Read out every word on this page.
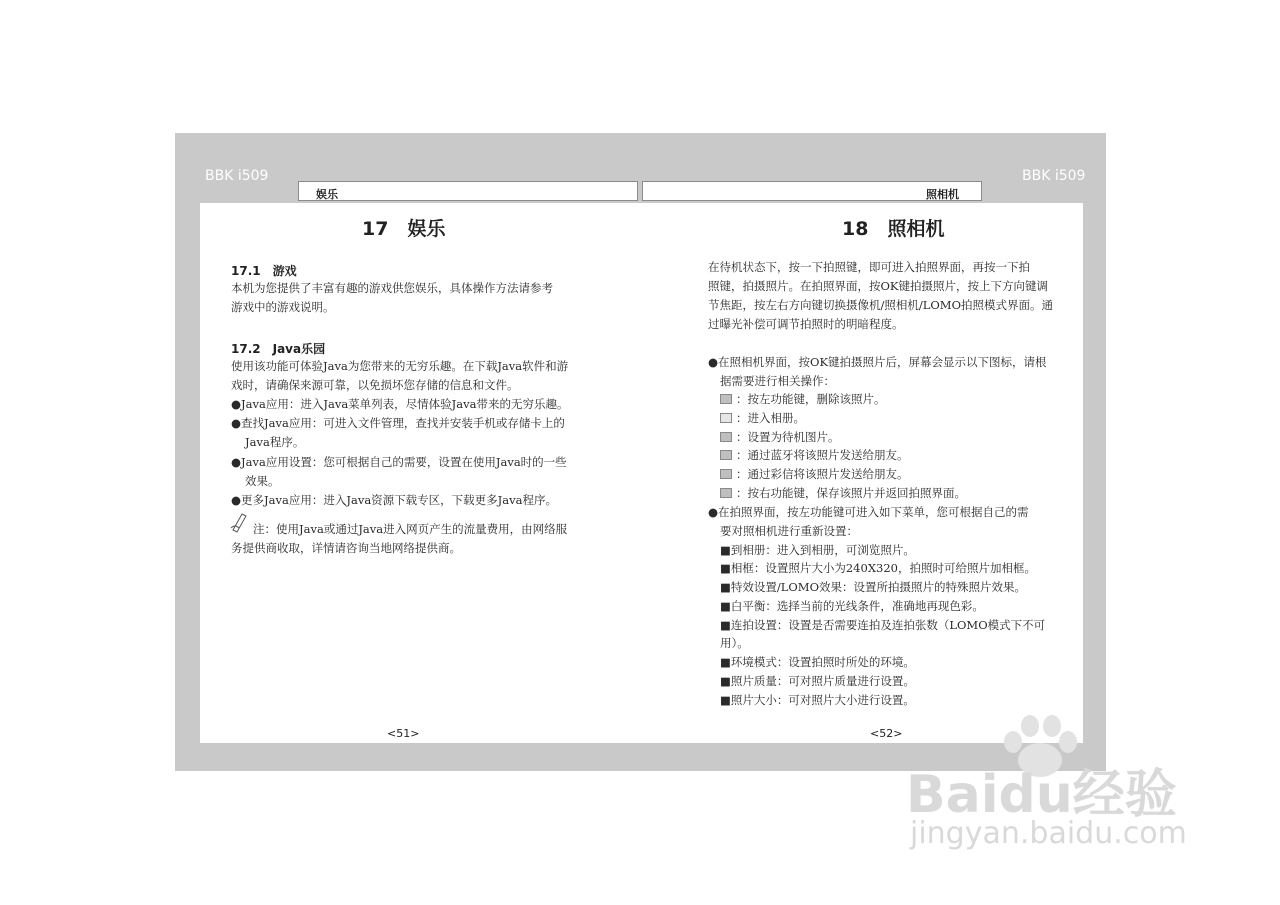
BBK i509	BBK i509
娱乐	照相机
17　娱乐
17.1　游戏
本机为您提供了丰富有趣的游戏供您娱乐，具体操作方法请参考
游戏中的游戏说明。
17.2　Java乐园
使用该功能可体验Java为您带来的无穷乐趣。在下载Java软件和游
戏时，请确保来源可靠，以免损坏您存储的信息和文件。
●Java应用：进入Java菜单列表，尽情体验Java带来的无穷乐趣。
●查找Java应用：可进入文件管理，查找并安装手机或存储卡上的
Java程序。
●Java应用设置：您可根据自己的需要，设置在使用Java时的一些
效果。
●更多Java应用：进入Java资源下载专区，下载更多Java程序。
注：使用Java或通过Java进入网页产生的流量费用，由网络服
务提供商收取，详情请咨询当地网络提供商。
<51>
18　照相机
在待机状态下，按一下拍照键，即可进入拍照界面，再按一下拍
照键，拍摄照片。在拍照界面，按OK键拍摄照片，按上下方向键调
节焦距，按左右方向键切换摄像机/照相机/LOMO拍照模式界面。通
过曝光补偿可调节拍照时的明暗程度。
●在照相机界面，按OK键拍摄照片后，屏幕会显示以下图标，请根
据需要进行相关操作：
：按左功能键，删除该照片。
：进入相册。
：设置为待机图片。
：通过蓝牙将该照片发送给朋友。
：通过彩信将该照片发送给朋友。
：按右功能键，保存该照片并返回拍照界面。
●在拍照界面，按左功能键可进入如下菜单，您可根据自己的需
要对照相机进行重新设置：
■到相册：进入到相册，可浏览照片。
■相框：设置照片大小为240X320，拍照时可给照片加相框。
■特效设置/LOMO效果：设置所拍摄照片的特殊照片效果。
■白平衡：选择当前的光线条件，准确地再现色彩。
■连拍设置：设置是否需要连拍及连拍张数（LOMO模式下不可
用）。
■环境模式：设置拍照时所处的环境。
■照片质量：可对照片质量进行设置。
■照片大小：可对照片大小进行设置。
<52>
Baidu经验
jingyan.baidu.com
